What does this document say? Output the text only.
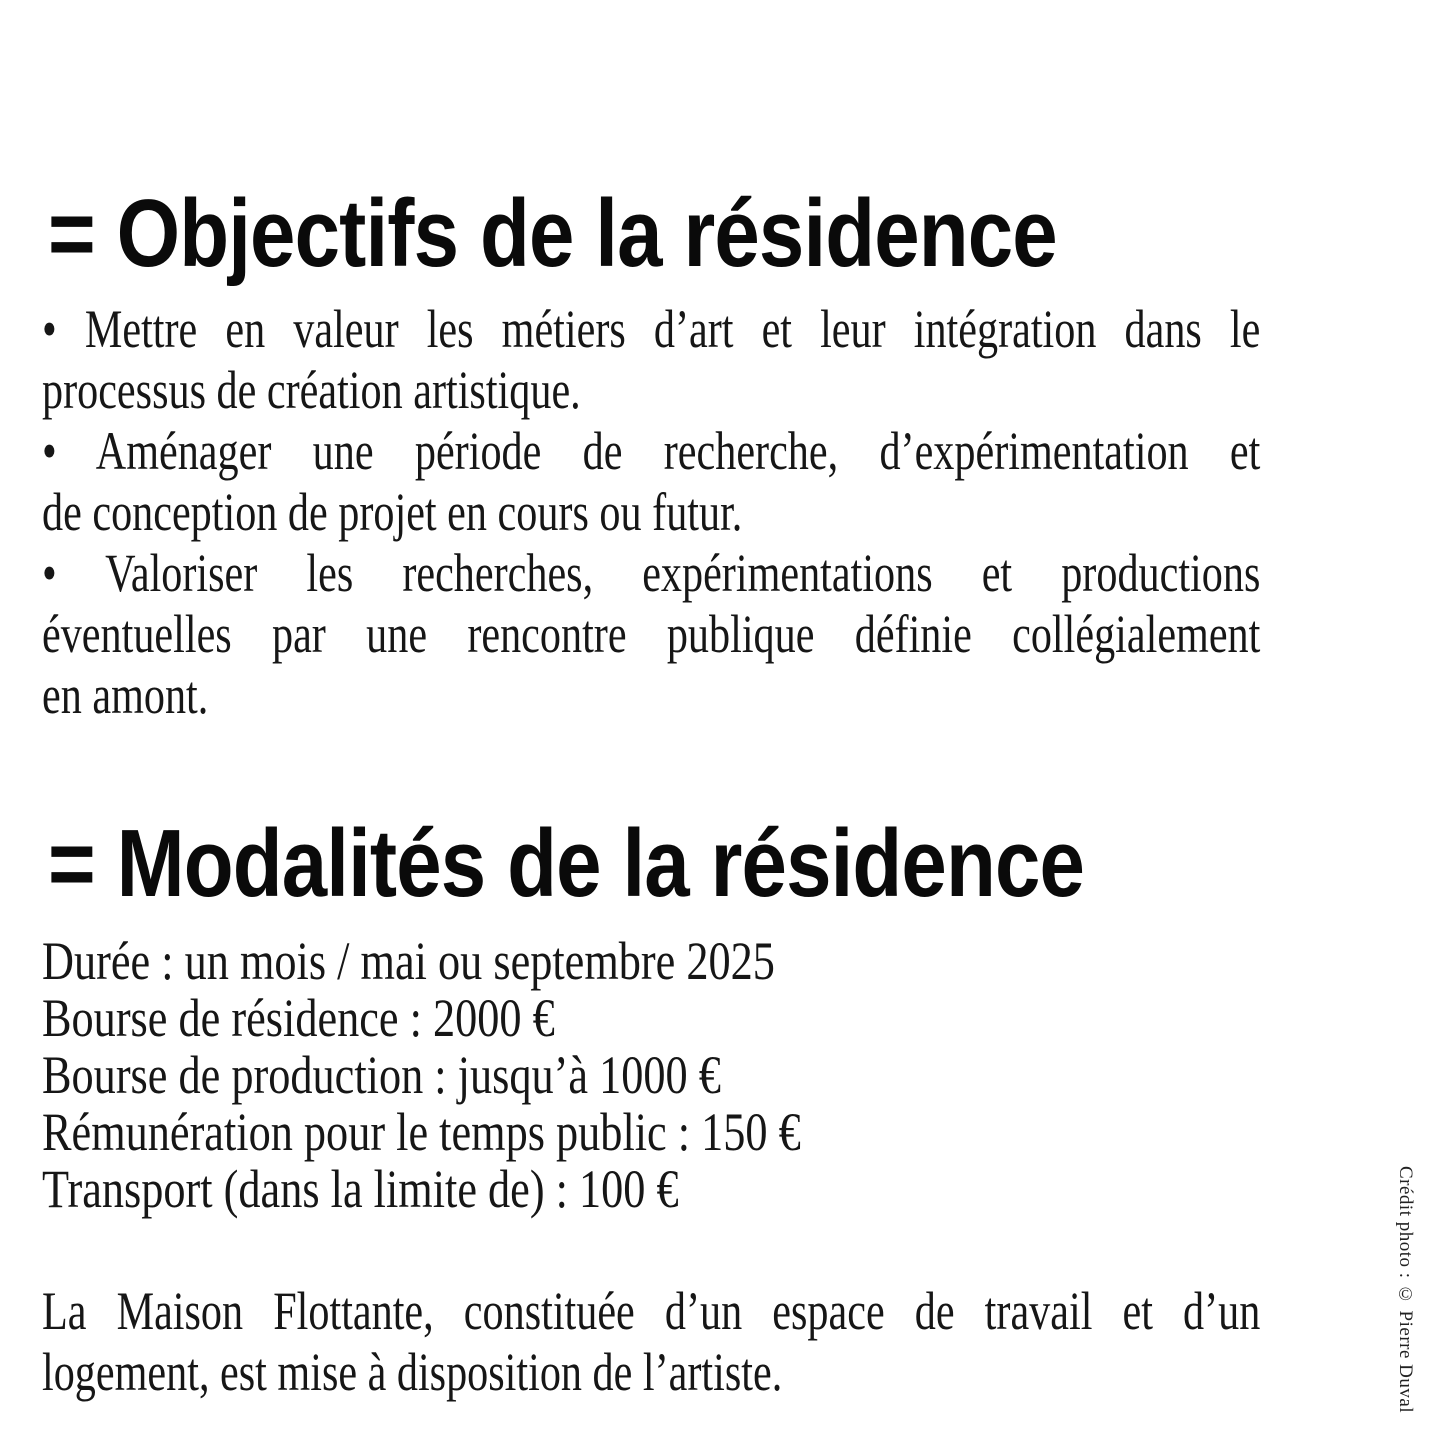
= Objectifs de la résidence
• Mettre en valeur les métiers d’art et leur intégration dans le
processus de création artistique.
• Aménager une période de recherche, d’expérimentation et
de conception de projet en cours ou futur.
• Valoriser les recherches, expérimentations et productions
éventuelles par une rencontre publique définie collégialement
en amont.
= Modalités de la résidence
Durée : un mois / mai ou septembre 2025
Bourse de résidence : 2000 €
Bourse de production : jusqu’à 1000 €
Rémunération pour le temps public : 150 €
Transport (dans la limite de) : 100 €
La Maison Flottante, constituée d’un espace de travail et d’un
logement, est mise à disposition de l’artiste.	Crédit photo : © Pierre Duval
